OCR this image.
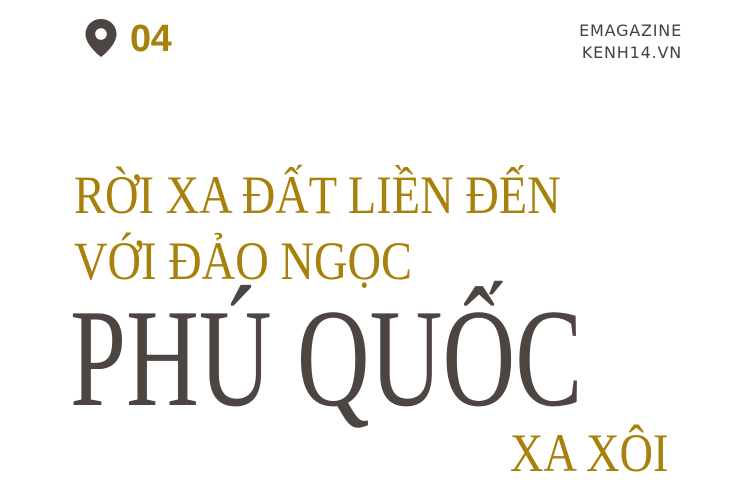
04	EMAGAZINE
KENH14.VN
RỜI XA ĐẤT LIỀN ĐẾN
VỚI ĐẢO NGỌC
PHÚ QUỐC
XA XÔI
